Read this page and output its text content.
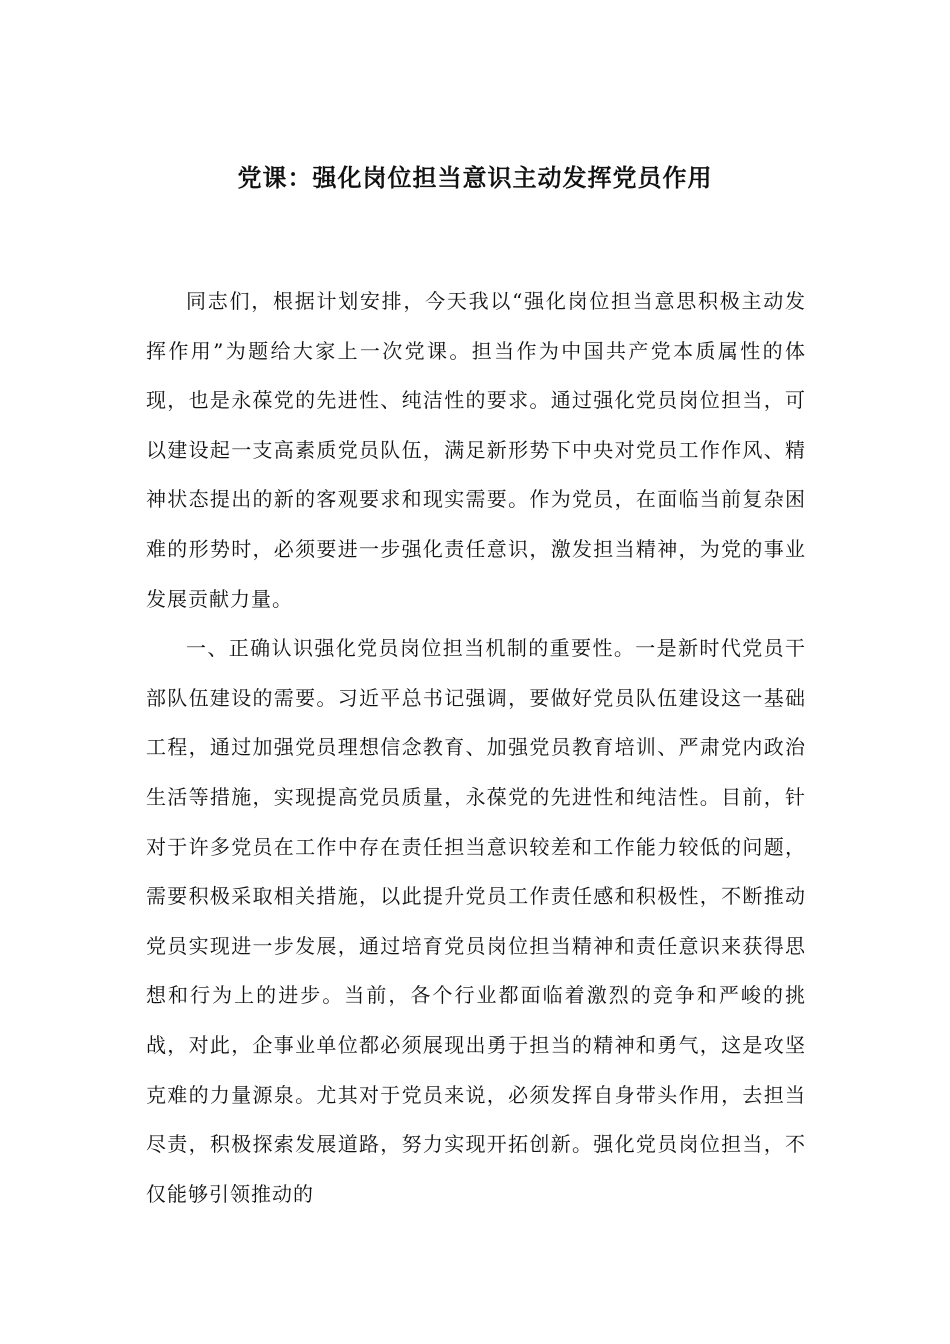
党课：强化岗位担当意识主动发挥党员作用

同志们，根据计划安排，今天我以“强化岗位担当意思积极主动发挥作用”为题给大家上一次党课。担当作为中国共产党本质属性的体现，也是永葆党的先进性、纯洁性的要求。通过强化党员岗位担当，可以建设起一支高素质党员队伍，满足新形势下中央对党员工作作风、精神状态提出的新的客观要求和现实需要。作为党员，在面临当前复杂困难的形势时，必须要进一步强化责任意识，激发担当精神，为党的事业发展贡献力量。

一、正确认识强化党员岗位担当机制的重要性。一是新时代党员干部队伍建设的需要。习近平总书记强调，要做好党员队伍建设这一基础工程，通过加强党员理想信念教育、加强党员教育培训、严肃党内政治生活等措施，实现提高党员质量，永葆党的先进性和纯洁性。目前，针对于许多党员在工作中存在责任担当意识较差和工作能力较低的问题，需要积极采取相关措施，以此提升党员工作责任感和积极性，不断推动党员实现进一步发展，通过培育党员岗位担当精神和责任意识来获得思想和行为上的进步。当前，各个行业都面临着激烈的竞争和严峻的挑战，对此，企事业单位都必须展现出勇于担当的精神和勇气，这是攻坚克难的力量源泉。尤其对于党员来说，必须发挥自身带头作用，去担当尽责，积极探索发展道路，努力实现开拓创新。强化党员岗位担当，不仅能够引领推动的
